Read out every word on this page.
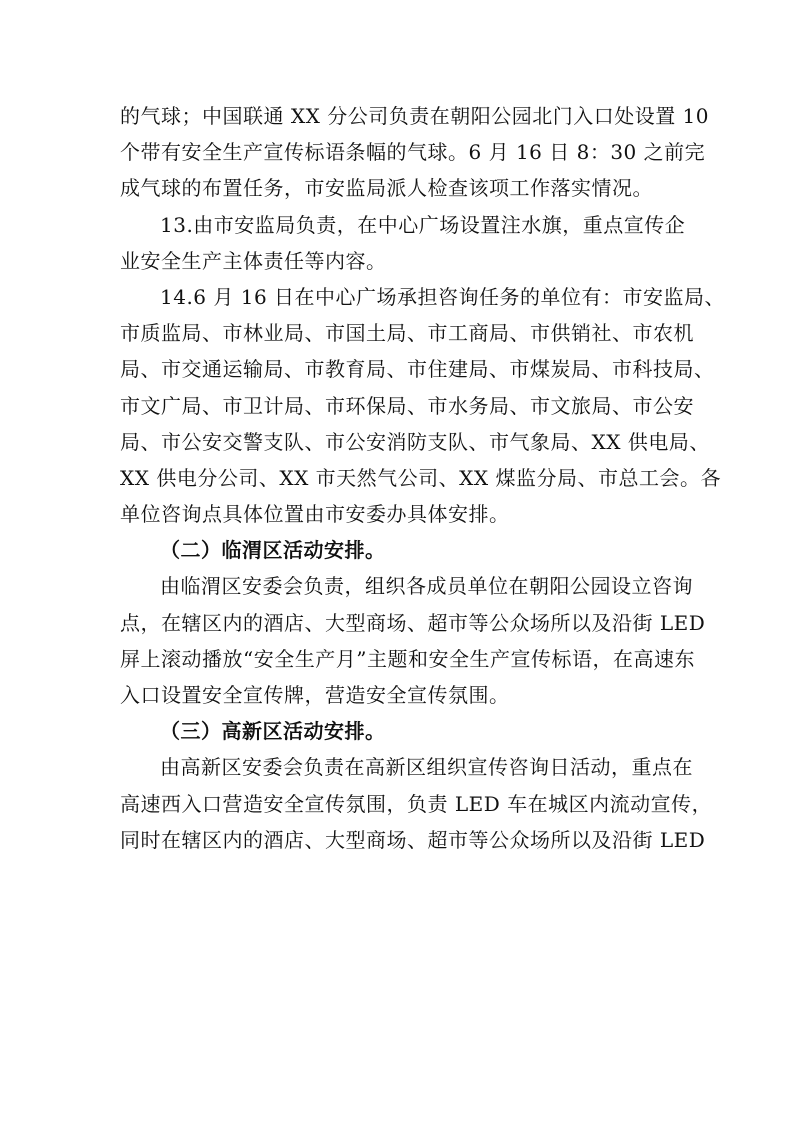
的气球；中国联通 XX 分公司负责在朝阳公园北门入口处设置 10
个带有安全生产宣传标语条幅的气球。6 月 16 日 8：30 之前完
成气球的布置任务，市安监局派人检查该项工作落实情况。
13.由市安监局负责，在中心广场设置注水旗，重点宣传企
业安全生产主体责任等内容。
14.6 月 16 日在中心广场承担咨询任务的单位有：市安监局、
市质监局、市林业局、市国土局、市工商局、市供销社、市农机
局、市交通运输局、市教育局、市住建局、市煤炭局、市科技局、
市文广局、市卫计局、市环保局、市水务局、市文旅局、市公安
局、市公安交警支队、市公安消防支队、市气象局、XX 供电局、
XX 供电分公司、XX 市天然气公司、XX 煤监分局、市总工会。各
单位咨询点具体位置由市安委办具体安排。
（二）临渭区活动安排。
由临渭区安委会负责，组织各成员单位在朝阳公园设立咨询
点，在辖区内的酒店、大型商场、超市等公众场所以及沿街 LED
屏上滚动播放“安全生产月”主题和安全生产宣传标语，在高速东
入口设置安全宣传牌，营造安全宣传氛围。
（三）高新区活动安排。
由高新区安委会负责在高新区组织宣传咨询日活动，重点在
高速西入口营造安全宣传氛围，负责 LED 车在城区内流动宣传，
同时在辖区内的酒店、大型商场、超市等公众场所以及沿街 LED
